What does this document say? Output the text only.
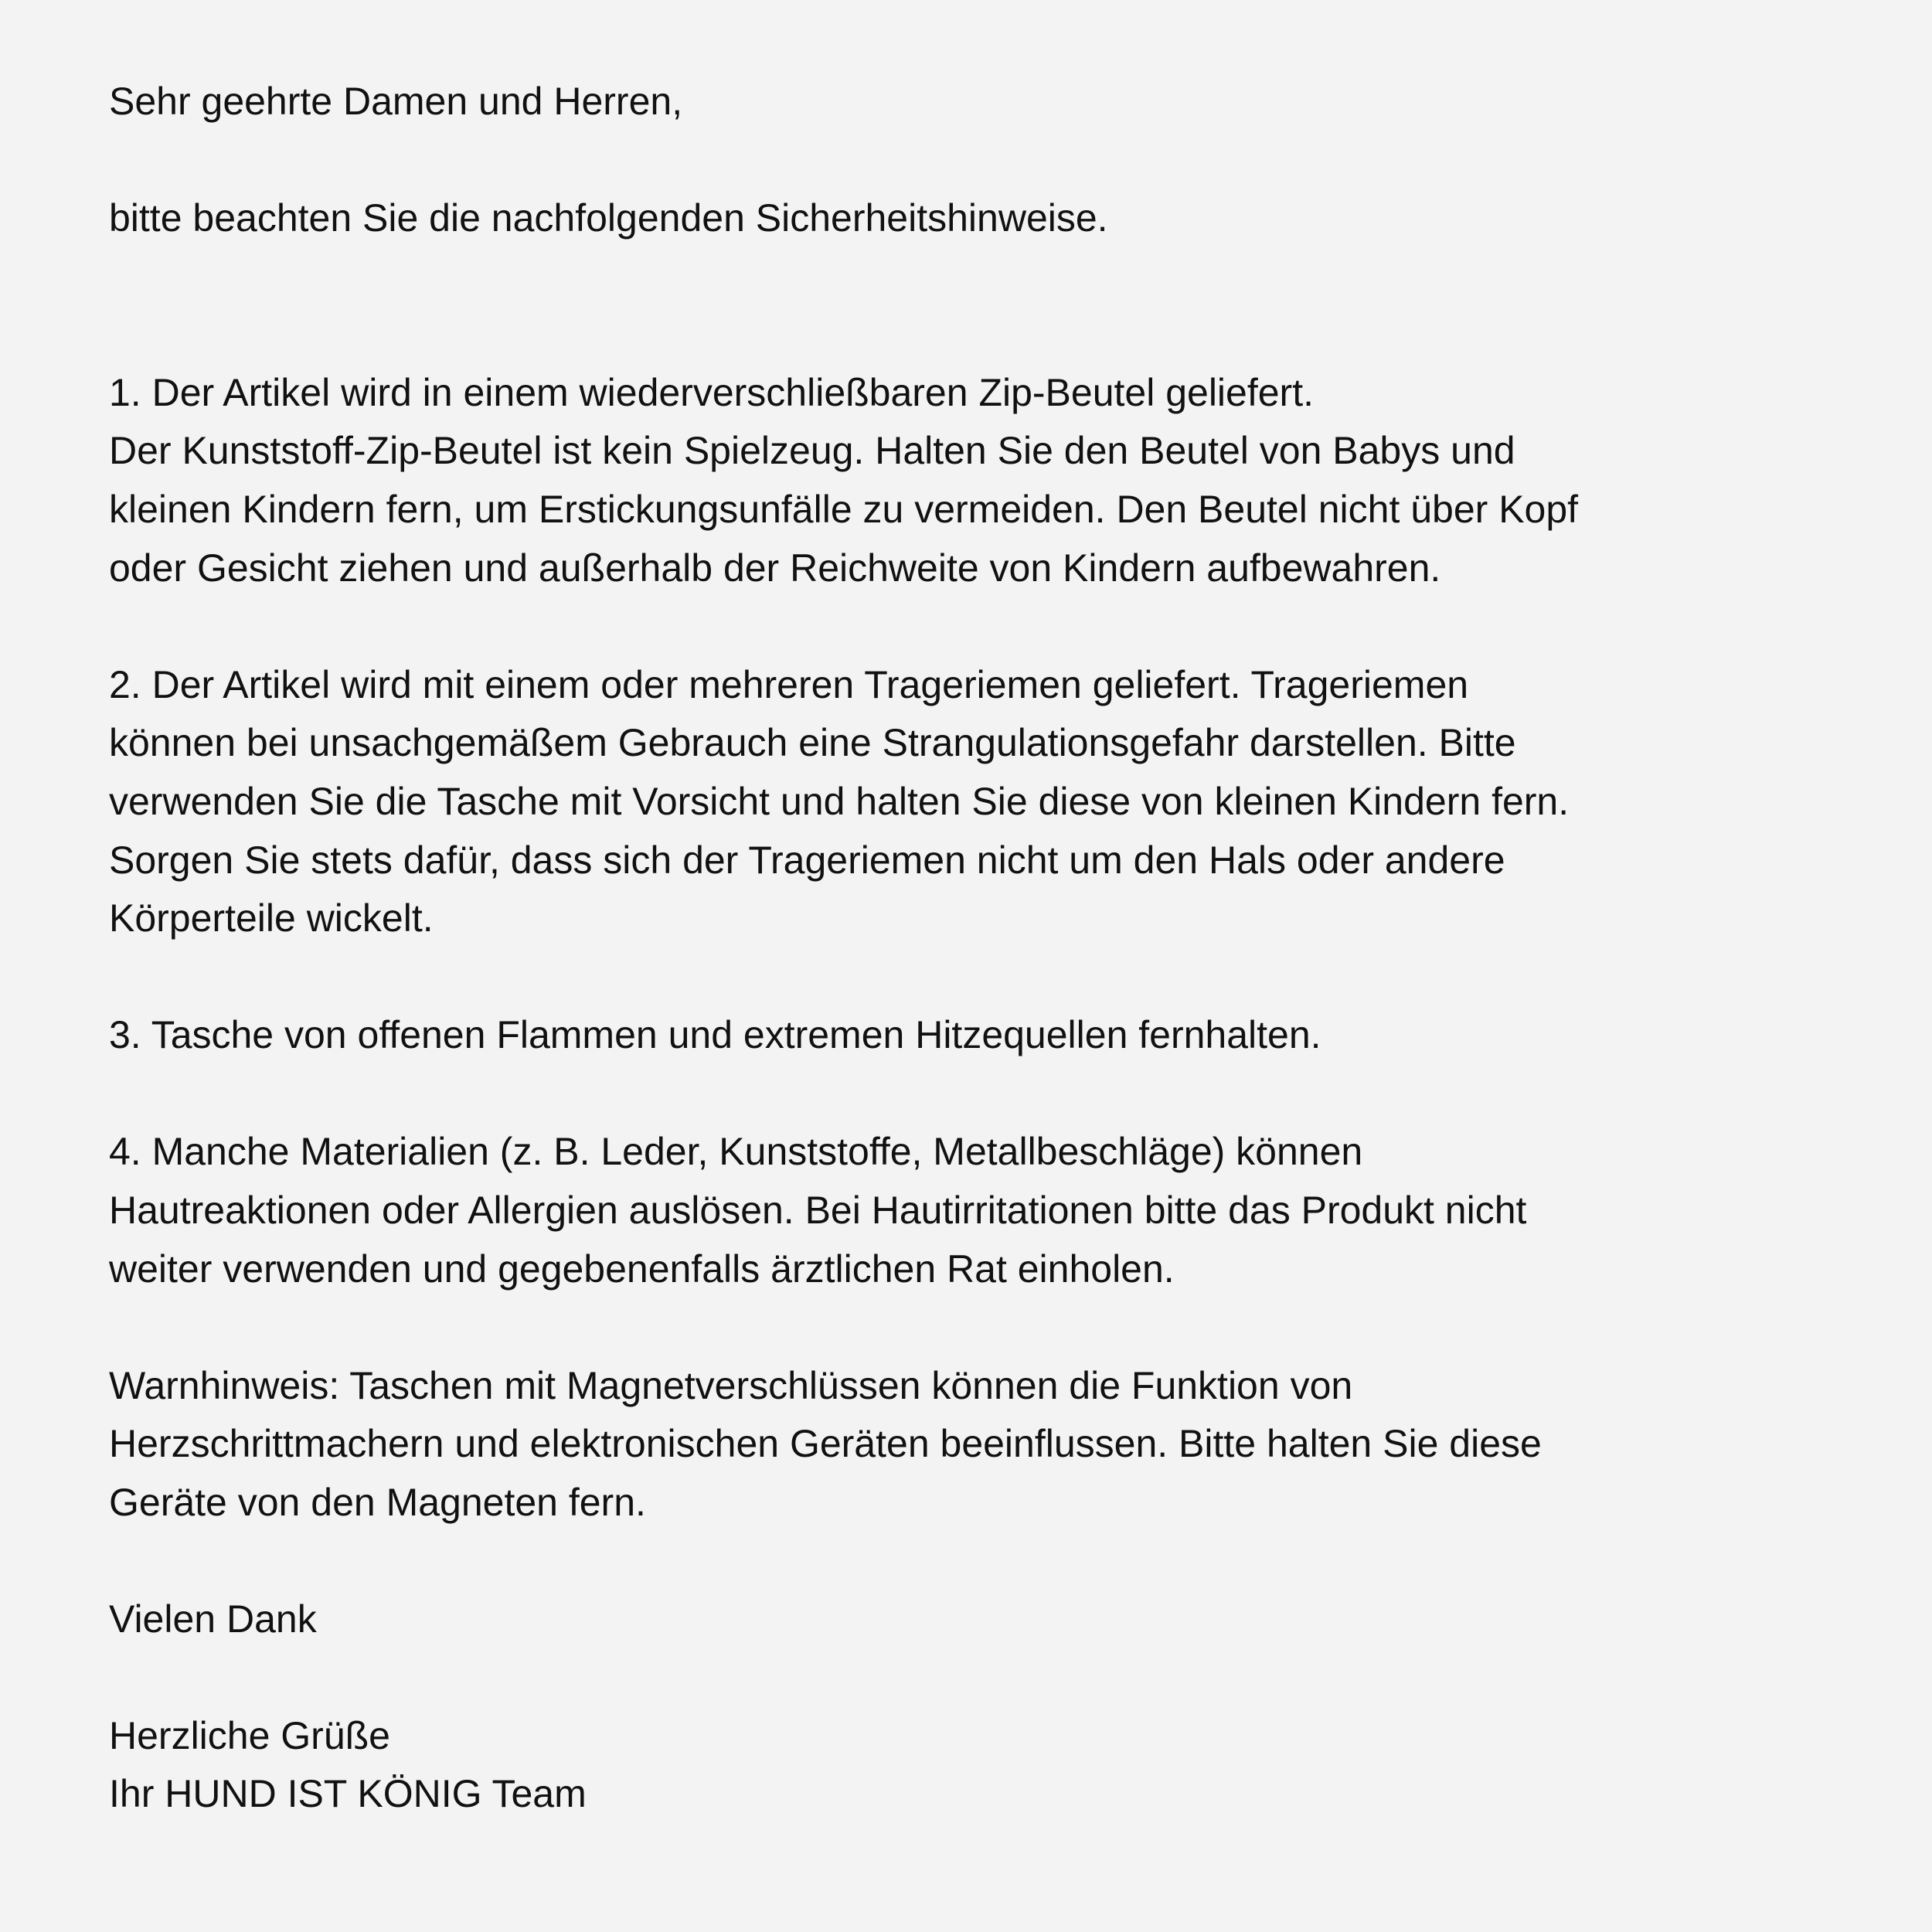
Sehr geehrte Damen und Herren,

bitte beachten Sie die nachfolgenden Sicherheitshinweise.

1. Der Artikel wird in einem wiederverschließbaren Zip-Beutel geliefert.

Der Kunststoff-Zip-Beutel ist kein Spielzeug. Halten Sie den Beutel von Babys und

kleinen Kindern fern, um Erstickungsunfälle zu vermeiden. Den Beutel nicht über Kopf

oder Gesicht ziehen und außerhalb der Reichweite von Kindern aufbewahren.

2. Der Artikel wird mit einem oder mehreren Trageriemen geliefert. Trageriemen

können bei unsachgemäßem Gebrauch eine Strangulationsgefahr darstellen. Bitte

verwenden Sie die Tasche mit Vorsicht und halten Sie diese von kleinen Kindern fern.

Sorgen Sie stets dafür, dass sich der Trageriemen nicht um den Hals oder andere

Körperteile wickelt.

3. Tasche von offenen Flammen und extremen Hitzequellen fernhalten.

4. Manche Materialien (z. B. Leder, Kunststoffe, Metallbeschläge) können

Hautreaktionen oder Allergien auslösen. Bei Hautirritationen bitte das Produkt nicht

weiter verwenden und gegebenenfalls ärztlichen Rat einholen.

Warnhinweis: Taschen mit Magnetverschlüssen können die Funktion von

Herzschrittmachern und elektronischen Geräten beeinflussen. Bitte halten Sie diese

Geräte von den Magneten fern.

Vielen Dank

Herzliche Grüße

Ihr HUND IST KÖNIG Team
